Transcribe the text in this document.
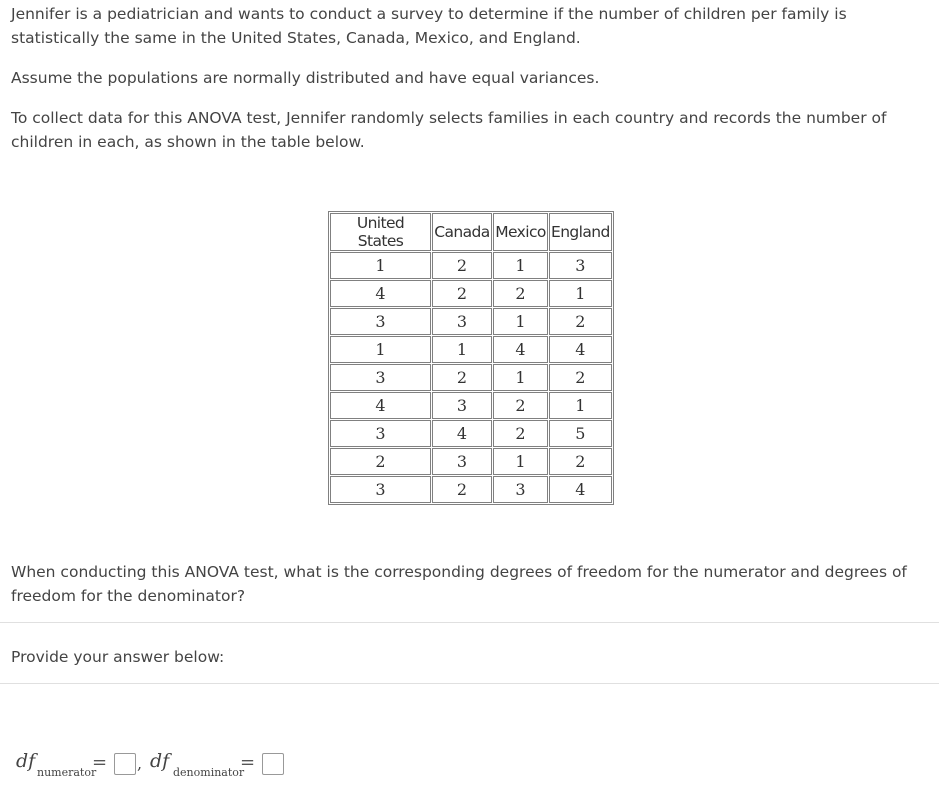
Jennifer is a pediatrician and wants to conduct a survey to determine if the number of children per family is statistically the same in the United States, Canada, Mexico, and England.

Assume the populations are normally distributed and have equal variances.

To collect data for this ANOVA test, Jennifer randomly selects families in each country and records the number of children in each, as shown in the table below.

United States	Canada	Mexico	England
1	2	1	3
4	2	2	1
3	3	1	2
1	1	4	4
3	2	1	2
4	3	2	1
3	4	2	5
2	3	1	2
3	2	3	4

When conducting this ANOVA test, what is the corresponding degrees of freedom for the numerator and degrees of freedom for the denominator?

Provide your answer below:
df
numerator
= , df
denominator
=
